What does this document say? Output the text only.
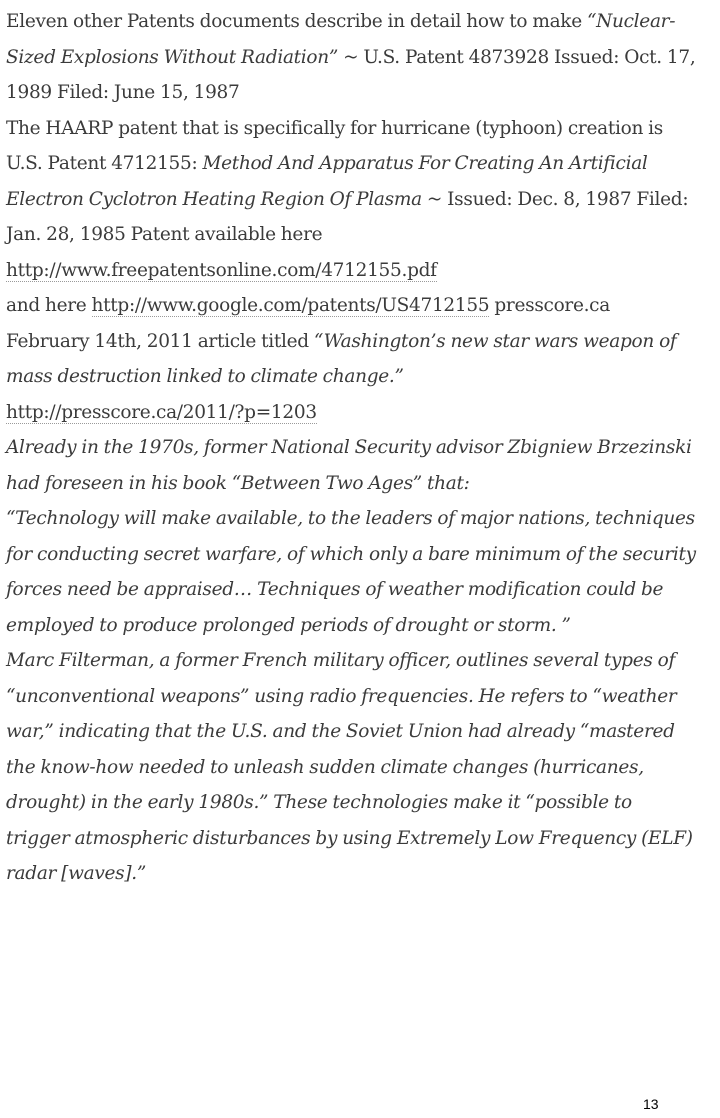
Eleven other Patents documents describe in detail how to make “Nuclear-Sized Explosions Without Radiation” ~ U.S. Patent 4873928 Issued: Oct. 17, 1989 Filed: June 15, 1987

The HAARP patent that is specifically for hurricane (typhoon) creation is U.S. Patent 4712155: Method And Apparatus For Creating An Artificial Electron Cyclotron Heating Region Of Plasma ~ Issued: Dec. 8, 1987 Filed: Jan. 28, 1985 Patent available here http://www.freepatentsonline.com/4712155.pdf

and here http://www.google.com/patents/US4712155 presscore.ca February 14th, 2011 article titled “Washington’s new star wars weapon of mass destruction linked to climate change.”

http://presscore.ca/2011/?p=1203

Already in the 1970s, former National Security advisor Zbigniew Brzezinski had foreseen in his book “Between Two Ages” that:

“Technology will make available, to the leaders of major nations, techniques for conducting secret warfare, of which only a bare minimum of the security forces need be appraised… Techniques of weather modification could be employed to produce prolonged periods of drought or storm. ”

Marc Filterman, a former French military officer, outlines several types of “unconventional weapons” using radio frequencies. He refers to “weather war,” indicating that the U.S. and the Soviet Union had already “mastered the know-how needed to unleash sudden climate changes (hurricanes, drought) in the early 1980s.” These technologies make it “possible to trigger atmospheric disturbances by using Extremely Low Frequency (ELF) radar [waves].”

13
